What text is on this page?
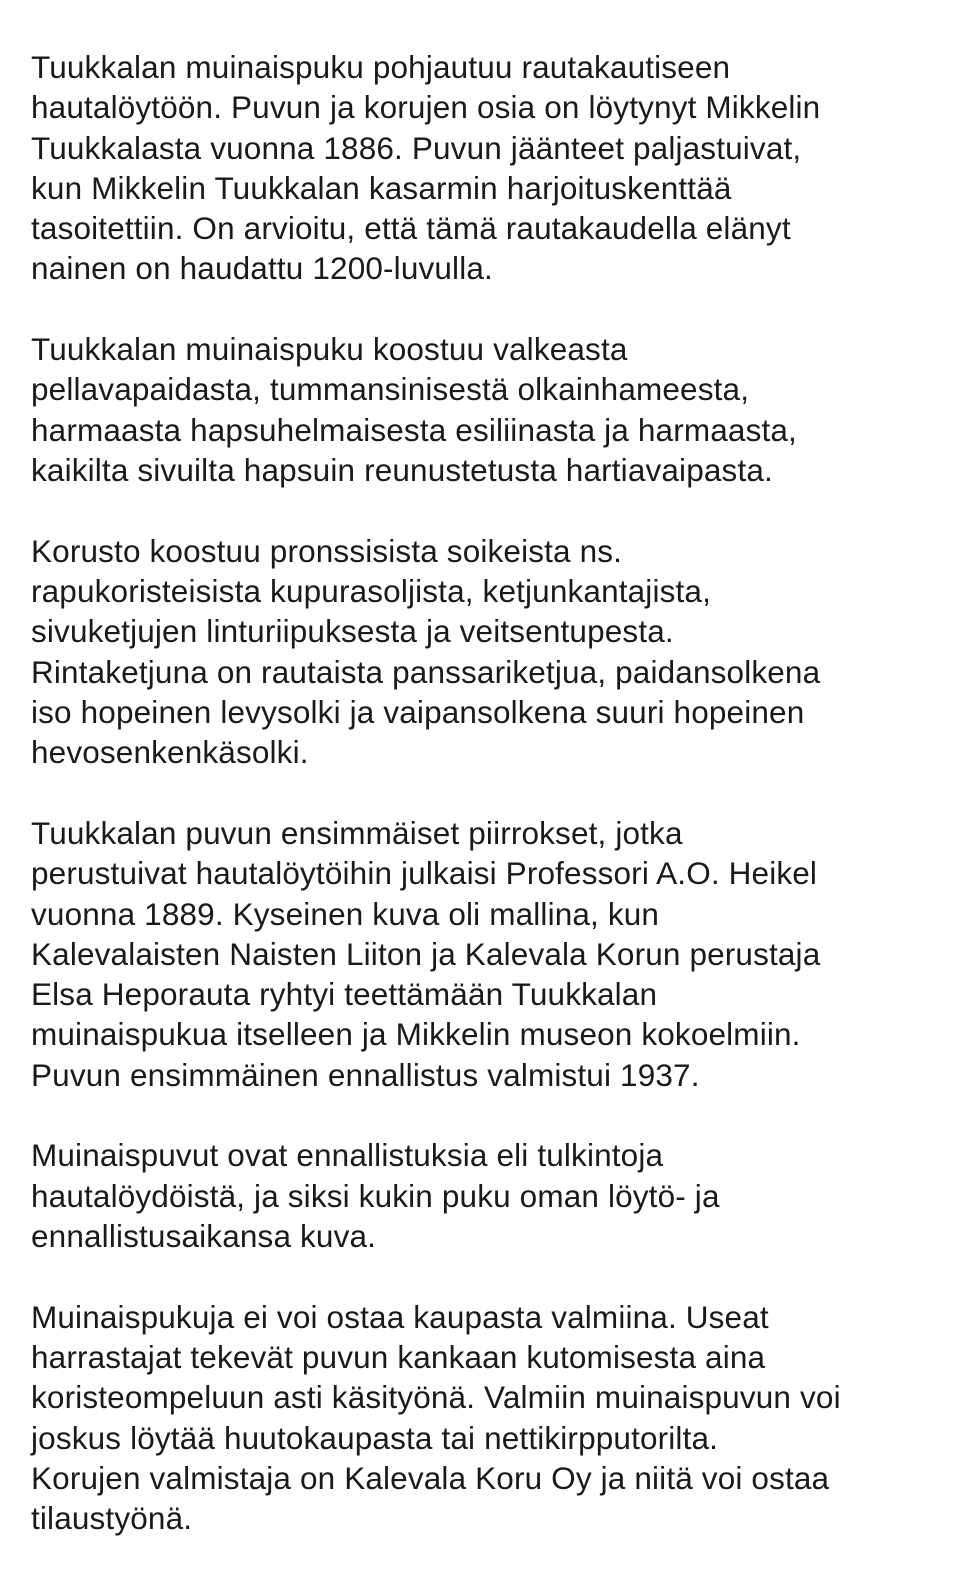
Tuukkalan muinaispuku pohjautuu rautakautiseen
hautalöytöön. Puvun ja korujen osia on löytynyt Mikkelin
Tuukkalasta vuonna 1886. Puvun jäänteet paljastuivat,
kun Mikkelin Tuukkalan kasarmin harjoituskenttää
tasoitettiin. On arvioitu, että tämä rautakaudella elänyt
nainen on haudattu 1200-luvulla.

Tuukkalan muinaispuku koostuu valkeasta
pellavapaidasta, tummansinisestä olkainhameesta,
harmaasta hapsuhelmaisesta esiliinasta ja harmaasta,
kaikilta sivuilta hapsuin reunustetusta hartiavaipasta.

Korusto koostuu pronssisista soikeista ns.
rapukoristeisista kupurasoljista, ketjunkantajista,
sivuketjujen linturiipuksesta ja veitsentupesta.
Rintaketjuna on rautaista panssariketjua, paidansolkena
iso hopeinen levysolki ja vaipansolkena suuri hopeinen
hevosenkenkäsolki.

Tuukkalan puvun ensimmäiset piirrokset, jotka
perustuivat hautalöytöihin julkaisi Professori A.O. Heikel
vuonna 1889. Kyseinen kuva oli mallina, kun
Kalevalaisten Naisten Liiton ja Kalevala Korun perustaja
Elsa Heporauta ryhtyi teettämään Tuukkalan
muinaispukua itselleen ja Mikkelin museon kokoelmiin.
Puvun ensimmäinen ennallistus valmistui 1937.

Muinaispuvut ovat ennallistuksia eli tulkintoja
hautalöydöistä, ja siksi kukin puku oman löytö- ja
ennallistusaikansa kuva.

Muinaispukuja ei voi ostaa kaupasta valmiina. Useat
harrastajat tekevät puvun kankaan kutomisesta aina
koristeompeluun asti käsityönä. Valmiin muinaispuvun voi
joskus löytää huutokaupasta tai nettikirpputorilta.
Korujen valmistaja on Kalevala Koru Oy ja niitä voi ostaa
tilaustyönä.
